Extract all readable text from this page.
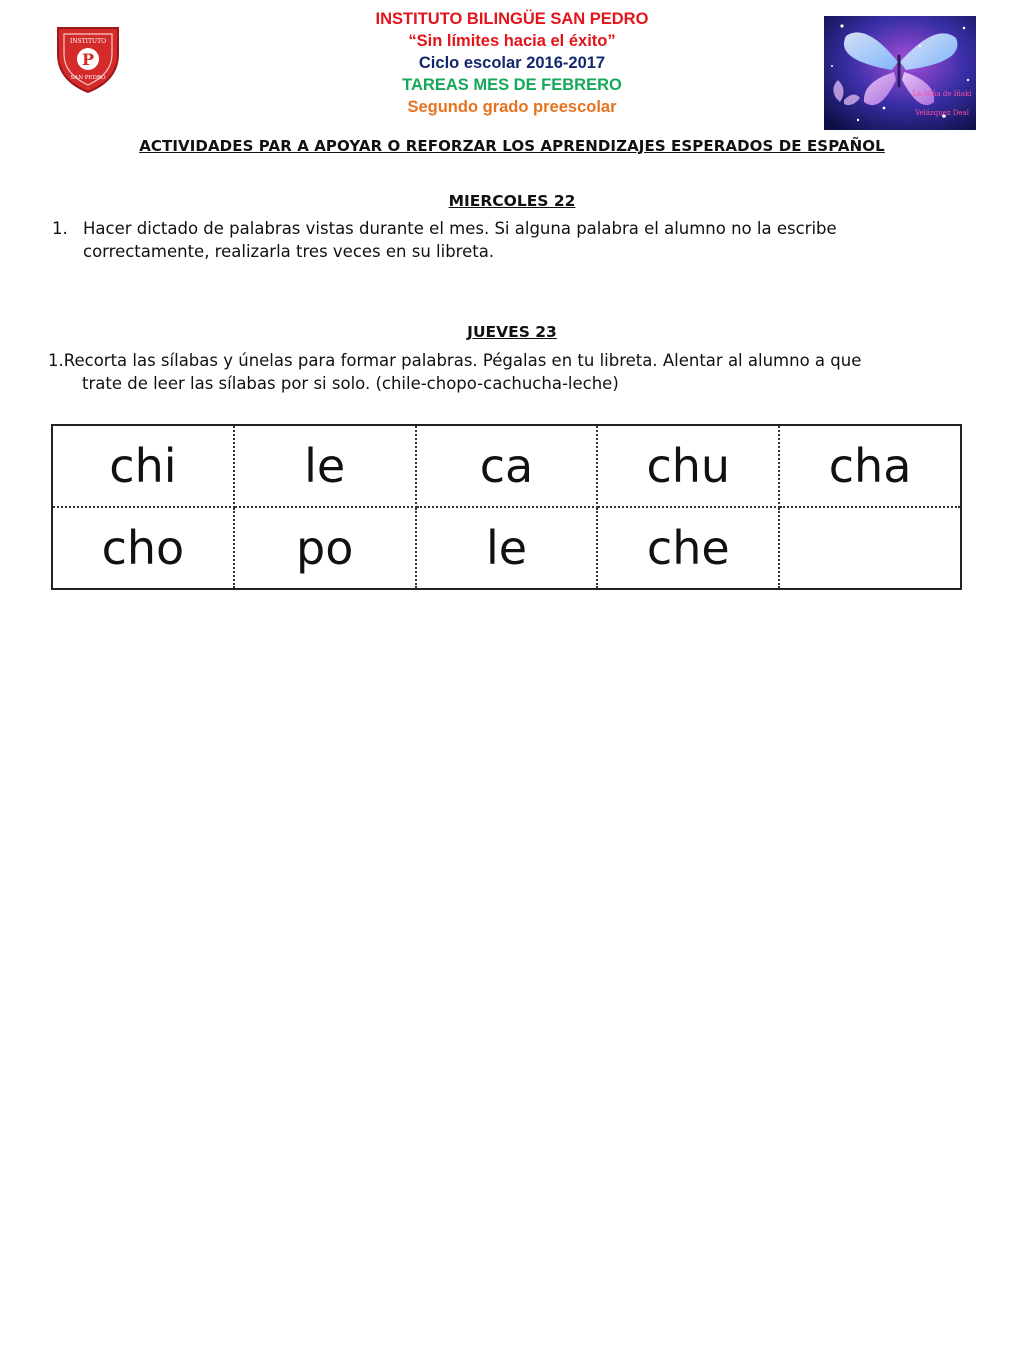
INSTITUTO
P
SAN PEDRO
INSTITUTO BILINGÜE SAN PEDRO
“Sin límites hacia el éxito”
Ciclo escolar 2016-2017
TAREAS MES DE FEBRERO
Segundo grado preescolar
La Niña de Iñaki
Velázquez Deal
ACTIVIDADES PAR A APOYAR O REFORZAR LOS APRENDIZAJES ESPERADOS DE ESPAÑOL
MIERCOLES 22
1. Hacer dictado de palabras vistas durante el mes. Si alguna palabra el alumno no la escribe
correctamente, realizarla tres veces en su libreta.
JUEVES 23
1.Recorta las sílabas y únelas para formar palabras. Pégalas en tu libreta. Alentar al alumno a que
trate de leer las sílabas por si solo. (chile-chopo-cachucha-leche)
chi	le	ca	chu	cha
cho	po	le	che	
